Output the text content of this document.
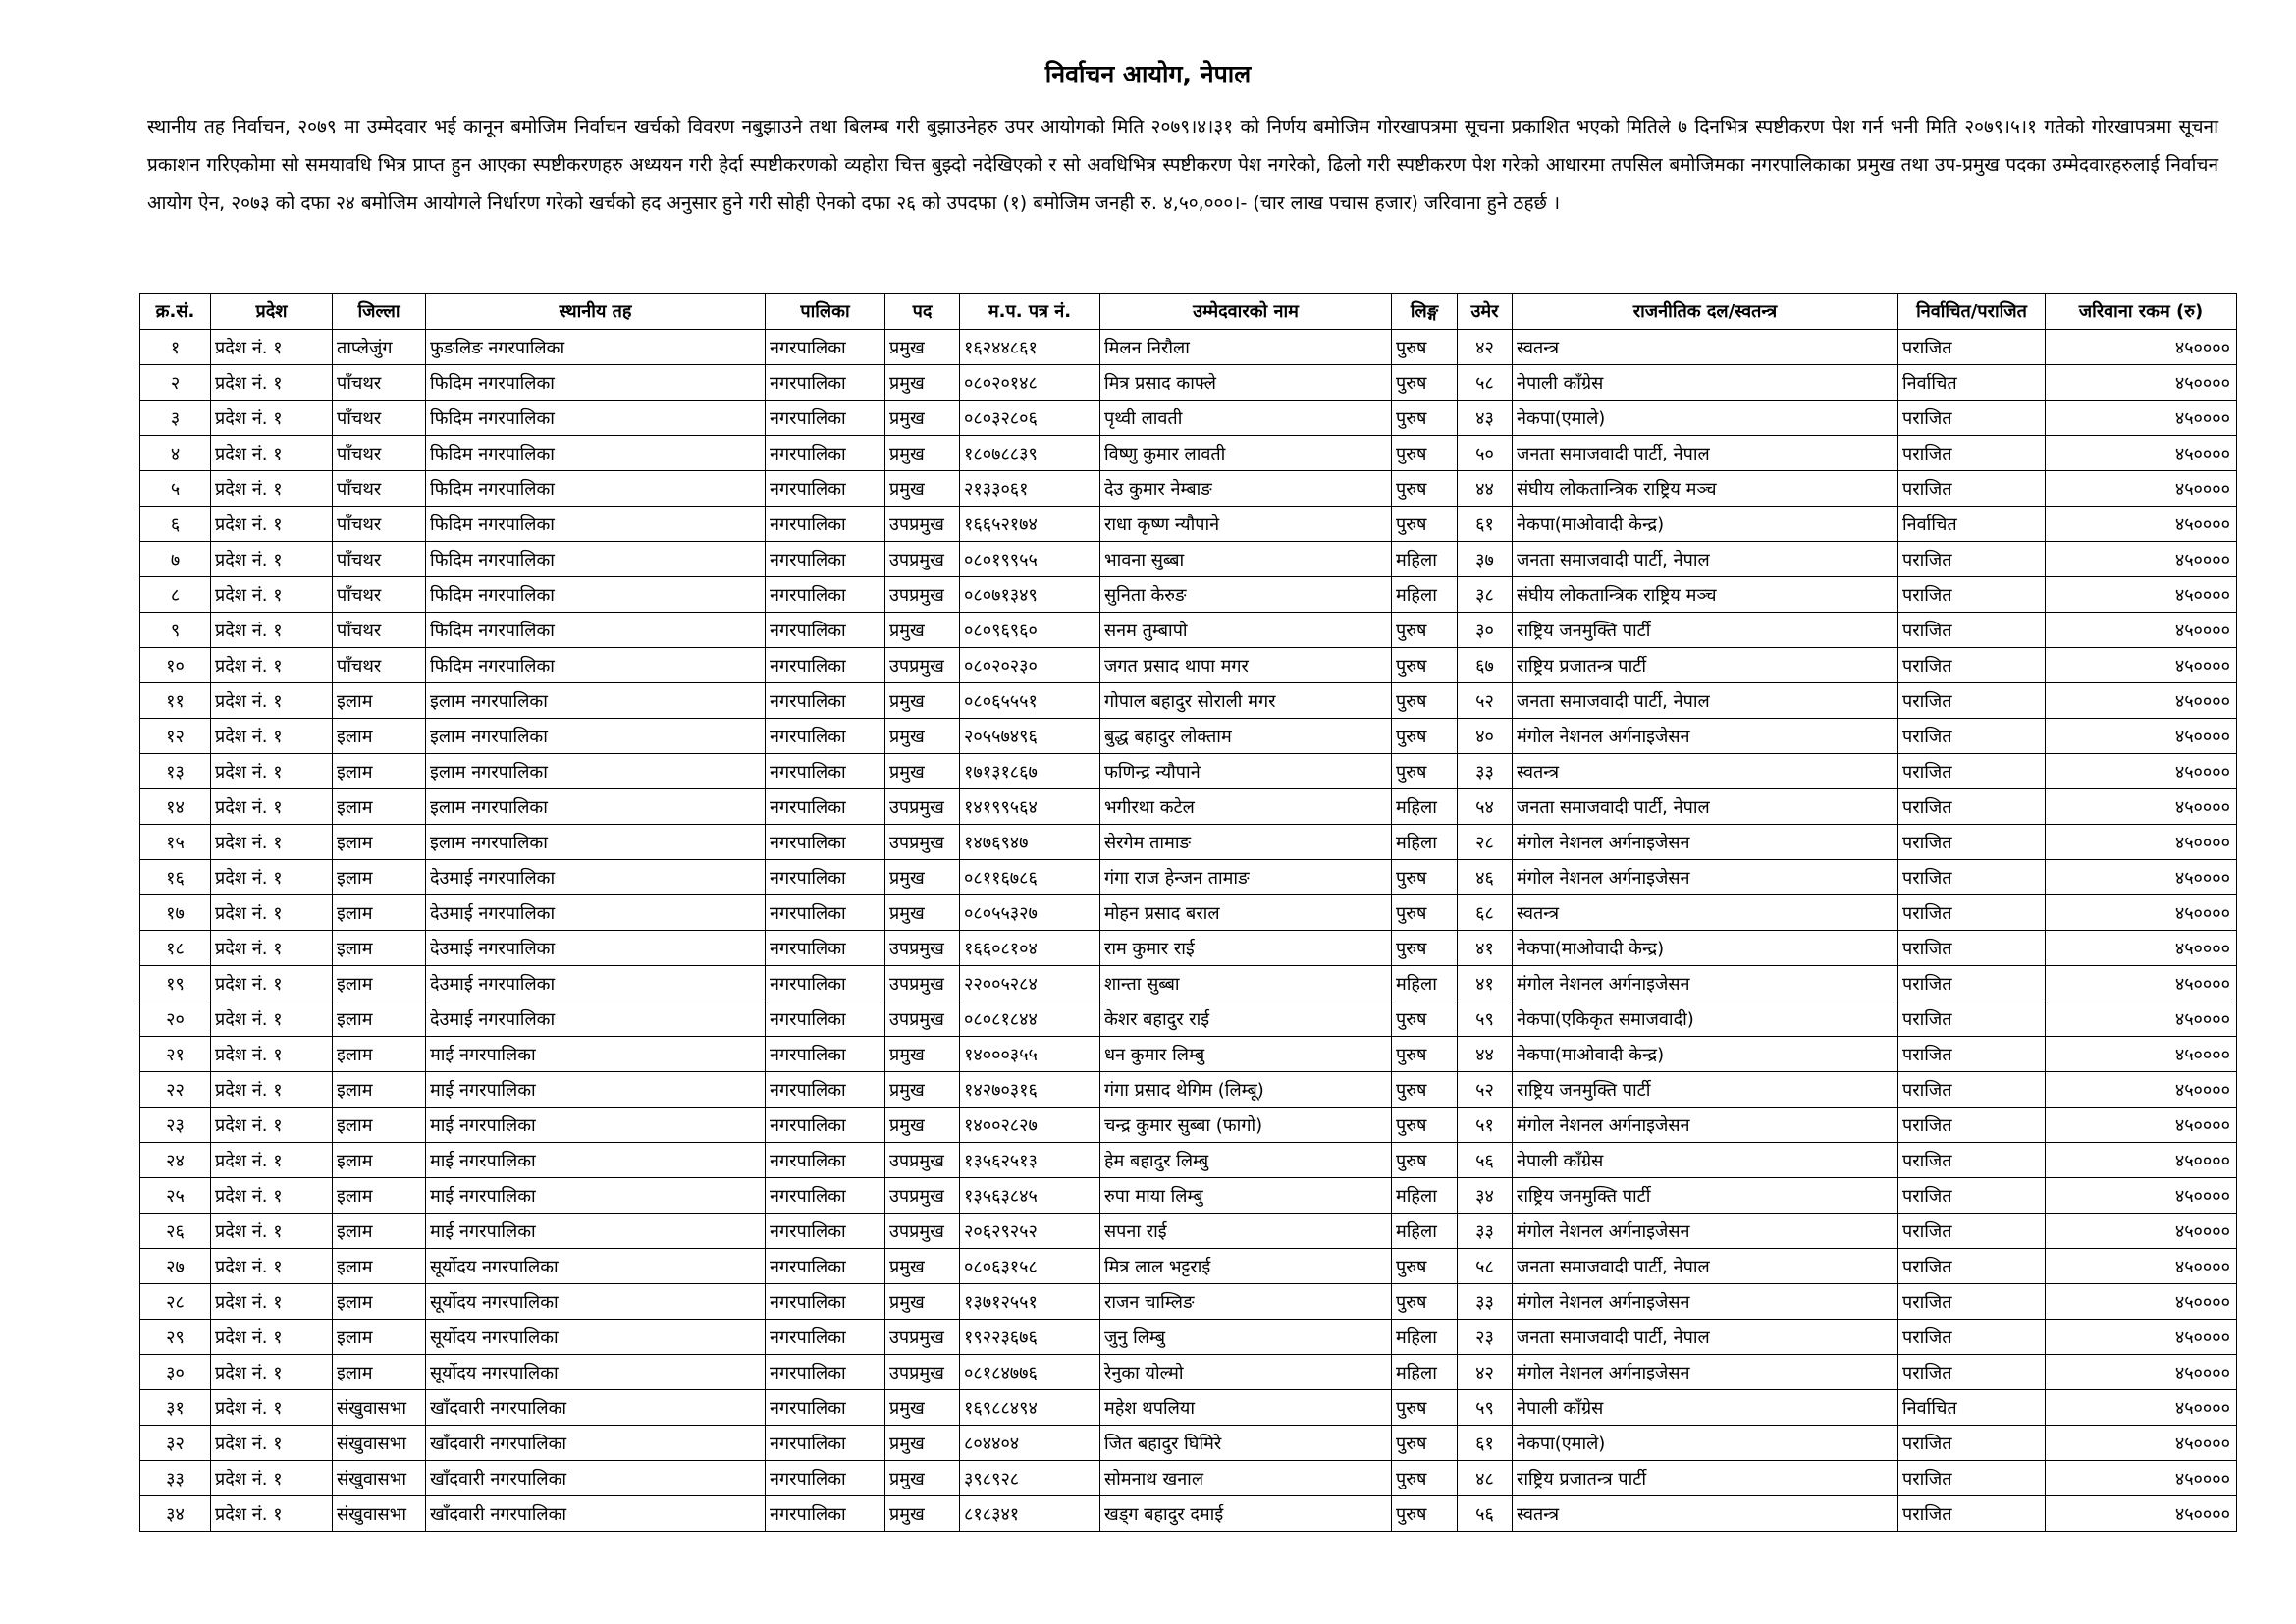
निर्वाचन आयोग, नेपाल
स्थानीय तह निर्वाचन, २०७९ मा उम्मेदवार भई कानून बमोजिम निर्वाचन खर्चको विवरण नबुझाउने तथा बिलम्ब गरी बुझाउनेहरु उपर आयोगको मिति २०७९।४।३१ को निर्णय बमोजिम गोरखापत्रमा सूचना प्रकाशित भएको मितिले ७ दिनभित्र स्पष्टीकरण पेश गर्न भनी मिति २०७९।५।१ गतेको गोरखापत्रमा सूचना प्रकाशन गरिएकोमा सो समयावधि भित्र प्राप्त हुन आएका स्पष्टीकरणहरु अध्ययन गरी हेर्दा स्पष्टीकरणको व्यहोरा चित्त बुझ्दो नदेखिएको र सो अवधिभित्र स्पष्टीकरण पेश नगरेको, ढिलो गरी स्पष्टीकरण पेश गरेको आधारमा तपसिल बमोजिमका नगरपालिकाका प्रमुख तथा उप-प्रमुख पदका उम्मेदवारहरुलाई निर्वाचन आयोग ऐन, २०७३ को दफा २४ बमोजिम आयोगले निर्धारण गरेको खर्चको हद अनुसार हुने गरी सोही ऐनको दफा २६ को उपदफा (१) बमोजिम जनही रु. ४,५०,०००।- (चार लाख पचास हजार) जरिवाना हुने ठहर्छ ।
क्र.सं.	प्रदेश	जिल्ला	स्थानीय तह	पालिका	पद	म.प. पत्र नं.	उम्मेदवारको नाम	लिङ्ग	उमेर	राजनीतिक दल/स्वतन्त्र	निर्वाचित/पराजित	जरिवाना रकम (रु)
१	प्रदेश नं. १	ताप्लेजुंग	फुङलिङ नगरपालिका	नगरपालिका	प्रमुख	१६२४४८६१	मिलन निरौला	पुरुष	४२	स्वतन्त्र	पराजित	४५००००
२	प्रदेश नं. १	पाँचथर	फिदिम नगरपालिका	नगरपालिका	प्रमुख	०८०२०१४८	मित्र प्रसाद काफ्ले	पुरुष	५८	नेपाली काँग्रेस	निर्वाचित	४५००००
३	प्रदेश नं. १	पाँचथर	फिदिम नगरपालिका	नगरपालिका	प्रमुख	०८०३२८०६	पृथ्वी लावती	पुरुष	४३	नेकपा(एमाले)	पराजित	४५००००
४	प्रदेश नं. १	पाँचथर	फिदिम नगरपालिका	नगरपालिका	प्रमुख	१८०७८८३९	विष्णु कुमार लावती	पुरुष	५०	जनता समाजवादी पार्टी, नेपाल	पराजित	४५००००
५	प्रदेश नं. १	पाँचथर	फिदिम नगरपालिका	नगरपालिका	प्रमुख	२१३३०६१	देउ कुमार नेम्बाङ	पुरुष	४४	संघीय लोकतान्त्रिक राष्ट्रिय मञ्च	पराजित	४५००००
६	प्रदेश नं. १	पाँचथर	फिदिम नगरपालिका	नगरपालिका	उपप्रमुख	१६६५२१७४	राधा कृष्ण न्यौपाने	पुरुष	६१	नेकपा(माओवादी केन्द्र)	निर्वाचित	४५००००
७	प्रदेश नं. १	पाँचथर	फिदिम नगरपालिका	नगरपालिका	उपप्रमुख	०८०१९९५५	भावना सुब्बा	महिला	३७	जनता समाजवादी पार्टी, नेपाल	पराजित	४५००००
८	प्रदेश नं. १	पाँचथर	फिदिम नगरपालिका	नगरपालिका	उपप्रमुख	०८०७१३४९	सुनिता केरुङ	महिला	३८	संघीय लोकतान्त्रिक राष्ट्रिय मञ्च	पराजित	४५००००
९	प्रदेश नं. १	पाँचथर	फिदिम नगरपालिका	नगरपालिका	प्रमुख	०८०९६९६०	सनम तुम्बापो	पुरुष	३०	राष्ट्रिय जनमुक्ति पार्टी	पराजित	४५००००
१०	प्रदेश नं. १	पाँचथर	फिदिम नगरपालिका	नगरपालिका	उपप्रमुख	०८०२०२३०	जगत प्रसाद थापा मगर	पुरुष	६७	राष्ट्रिय प्रजातन्त्र पार्टी	पराजित	४५००००
११	प्रदेश नं. १	इलाम	इलाम नगरपालिका	नगरपालिका	प्रमुख	०८०६५५५१	गोपाल बहादुर सोराली मगर	पुरुष	५२	जनता समाजवादी पार्टी, नेपाल	पराजित	४५००००
१२	प्रदेश नं. १	इलाम	इलाम नगरपालिका	नगरपालिका	प्रमुख	२०५५७४९६	बुद्ध बहादुर लोक्ताम	पुरुष	४०	मंगोल नेशनल अर्गनाइजेसन	पराजित	४५००००
१३	प्रदेश नं. १	इलाम	इलाम नगरपालिका	नगरपालिका	प्रमुख	१७१३१८६७	फणिन्द्र न्यौपाने	पुरुष	३३	स्वतन्त्र	पराजित	४५००००
१४	प्रदेश नं. १	इलाम	इलाम नगरपालिका	नगरपालिका	उपप्रमुख	१४१९९५६४	भगीरथा कटेल	महिला	५४	जनता समाजवादी पार्टी, नेपाल	पराजित	४५००००
१५	प्रदेश नं. १	इलाम	इलाम नगरपालिका	नगरपालिका	उपप्रमुख	१४७६९४७	सेरगेम तामाङ	महिला	२८	मंगोल नेशनल अर्गनाइजेसन	पराजित	४५००००
१६	प्रदेश नं. १	इलाम	देउमाई नगरपालिका	नगरपालिका	प्रमुख	०८११६७८६	गंगा राज हेन्जन तामाङ	पुरुष	४६	मंगोल नेशनल अर्गनाइजेसन	पराजित	४५००००
१७	प्रदेश नं. १	इलाम	देउमाई नगरपालिका	नगरपालिका	प्रमुख	०८०५५३२७	मोहन प्रसाद बराल	पुरुष	६८	स्वतन्त्र	पराजित	४५००००
१८	प्रदेश नं. १	इलाम	देउमाई नगरपालिका	नगरपालिका	उपप्रमुख	१६६०८१०४	राम कुमार राई	पुरुष	४१	नेकपा(माओवादी केन्द्र)	पराजित	४५००००
१९	प्रदेश नं. १	इलाम	देउमाई नगरपालिका	नगरपालिका	उपप्रमुख	२२००५२८४	शान्ता सुब्बा	महिला	४१	मंगोल नेशनल अर्गनाइजेसन	पराजित	४५००००
२०	प्रदेश नं. १	इलाम	देउमाई नगरपालिका	नगरपालिका	उपप्रमुख	०८०८१८४४	केशर बहादुर राई	पुरुष	५९	नेकपा(एकिकृत समाजवादी)	पराजित	४५००००
२१	प्रदेश नं. १	इलाम	माई नगरपालिका	नगरपालिका	प्रमुख	१४०००३५५	धन कुमार लिम्बु	पुरुष	४४	नेकपा(माओवादी केन्द्र)	पराजित	४५००००
२२	प्रदेश नं. १	इलाम	माई नगरपालिका	नगरपालिका	प्रमुख	१४२७०३१६	गंगा प्रसाद थेगिम (लिम्बू)	पुरुष	५२	राष्ट्रिय जनमुक्ति पार्टी	पराजित	४५००००
२३	प्रदेश नं. १	इलाम	माई नगरपालिका	नगरपालिका	प्रमुख	१४००२८२७	चन्द्र कुमार सुब्बा (फागो)	पुरुष	५१	मंगोल नेशनल अर्गनाइजेसन	पराजित	४५००००
२४	प्रदेश नं. १	इलाम	माई नगरपालिका	नगरपालिका	उपप्रमुख	१३५६२५१३	हेम बहादुर लिम्बु	पुरुष	५६	नेपाली काँग्रेस	पराजित	४५००००
२५	प्रदेश नं. १	इलाम	माई नगरपालिका	नगरपालिका	उपप्रमुख	१३५६३८४५	रुपा माया लिम्बु	महिला	३४	राष्ट्रिय जनमुक्ति पार्टी	पराजित	४५००००
२६	प्रदेश नं. १	इलाम	माई नगरपालिका	नगरपालिका	उपप्रमुख	२०६२९२५२	सपना राई	महिला	३३	मंगोल नेशनल अर्गनाइजेसन	पराजित	४५००००
२७	प्रदेश नं. १	इलाम	सूर्योदय नगरपालिका	नगरपालिका	प्रमुख	०८०६३१५८	मित्र लाल भट्टराई	पुरुष	५८	जनता समाजवादी पार्टी, नेपाल	पराजित	४५००००
२८	प्रदेश नं. १	इलाम	सूर्योदय नगरपालिका	नगरपालिका	प्रमुख	१३७१२५५१	राजन चाम्लिङ	पुरुष	३३	मंगोल नेशनल अर्गनाइजेसन	पराजित	४५००००
२९	प्रदेश नं. १	इलाम	सूर्योदय नगरपालिका	नगरपालिका	उपप्रमुख	१९२२३६७६	जुनु लिम्बु	महिला	२३	जनता समाजवादी पार्टी, नेपाल	पराजित	४५००००
३०	प्रदेश नं. १	इलाम	सूर्योदय नगरपालिका	नगरपालिका	उपप्रमुख	०८१८४७७६	रेनुका योल्मो	महिला	४२	मंगोल नेशनल अर्गनाइजेसन	पराजित	४५००००
३१	प्रदेश नं. १	संखुवासभा	खाँदवारी नगरपालिका	नगरपालिका	प्रमुख	१६९८८४९४	महेश थपलिया	पुरुष	५९	नेपाली काँग्रेस	निर्वाचित	४५००००
३२	प्रदेश नं. १	संखुवासभा	खाँदवारी नगरपालिका	नगरपालिका	प्रमुख	८०४४०४	जित बहादुर घिमिरे	पुरुष	६१	नेकपा(एमाले)	पराजित	४५००००
३३	प्रदेश नं. १	संखुवासभा	खाँदवारी नगरपालिका	नगरपालिका	प्रमुख	३९८९२८	सोमनाथ खनाल	पुरुष	४८	राष्ट्रिय प्रजातन्त्र पार्टी	पराजित	४५००००
३४	प्रदेश नं. १	संखुवासभा	खाँदवारी नगरपालिका	नगरपालिका	प्रमुख	८१८३४१	खड्ग बहादुर दमाई	पुरुष	५६	स्वतन्त्र	पराजित	४५००००
